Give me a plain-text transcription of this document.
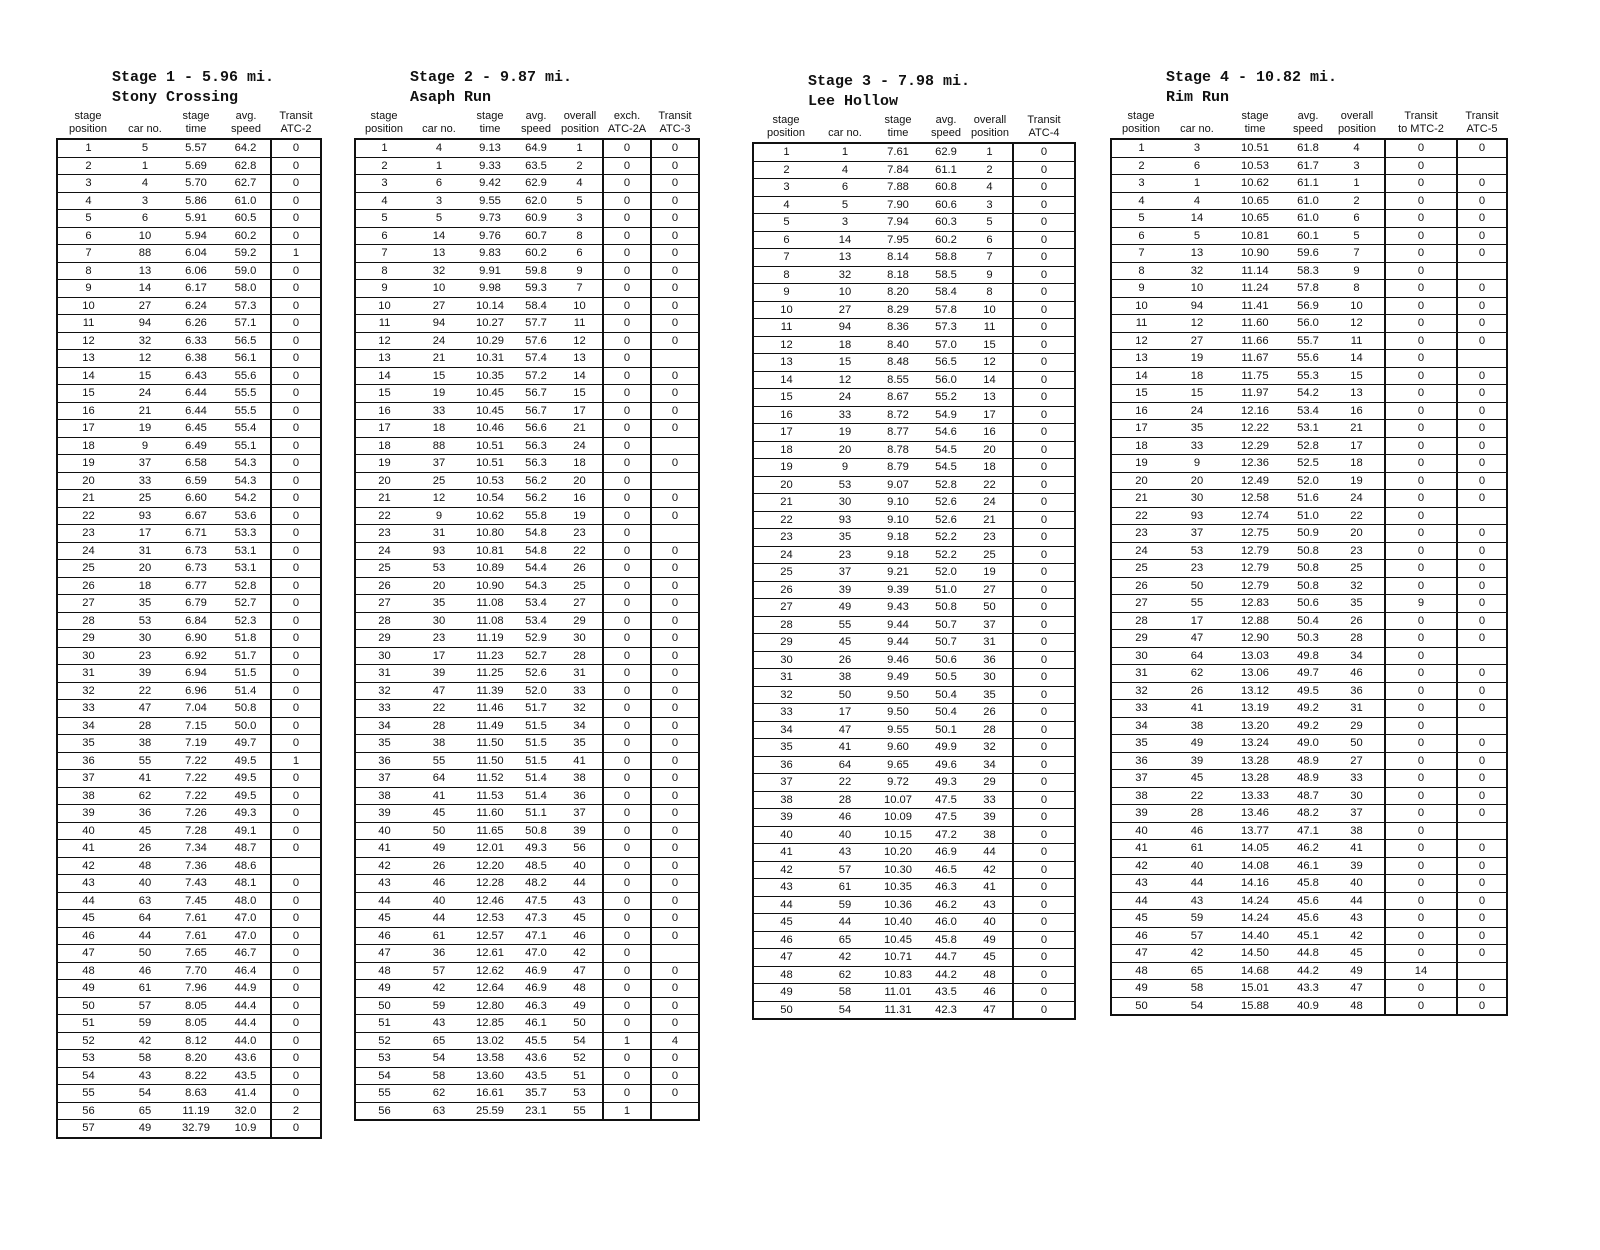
Stage 1 - 5.96 mi.
Stony Crossing
stage		stage	avg.	Transit
position	car no.	time	speed	ATC-2
1	5	5.57	64.2	0
2	1	5.69	62.8	0
3	4	5.70	62.7	0
4	3	5.86	61.0	0
5	6	5.91	60.5	0
6	10	5.94	60.2	0
7	88	6.04	59.2	1
8	13	6.06	59.0	0
9	14	6.17	58.0	0
10	27	6.24	57.3	0
11	94	6.26	57.1	0
12	32	6.33	56.5	0
13	12	6.38	56.1	0
14	15	6.43	55.6	0
15	24	6.44	55.5	0
16	21	6.44	55.5	0
17	19	6.45	55.4	0
18	9	6.49	55.1	0
19	37	6.58	54.3	0
20	33	6.59	54.3	0
21	25	6.60	54.2	0
22	93	6.67	53.6	0
23	17	6.71	53.3	0
24	31	6.73	53.1	0
25	20	6.73	53.1	0
26	18	6.77	52.8	0
27	35	6.79	52.7	0
28	53	6.84	52.3	0
29	30	6.90	51.8	0
30	23	6.92	51.7	0
31	39	6.94	51.5	0
32	22	6.96	51.4	0
33	47	7.04	50.8	0
34	28	7.15	50.0	0
35	38	7.19	49.7	0
36	55	7.22	49.5	1
37	41	7.22	49.5	0
38	62	7.22	49.5	0
39	36	7.26	49.3	0
40	45	7.28	49.1	0
41	26	7.34	48.7	0
42	48	7.36	48.6	
43	40	7.43	48.1	0
44	63	7.45	48.0	0
45	64	7.61	47.0	0
46	44	7.61	47.0	0
47	50	7.65	46.7	0
48	46	7.70	46.4	0
49	61	7.96	44.9	0
50	57	8.05	44.4	0
51	59	8.05	44.4	0
52	42	8.12	44.0	0
53	58	8.20	43.6	0
54	43	8.22	43.5	0
55	54	8.63	41.4	0
56	65	11.19	32.0	2
57	49	32.79	10.9	0
Stage 2 - 9.87 mi.
Asaph Run
stage		stage	avg.	overall	exch.	Transit
position	car no.	time	speed	position	ATC-2A	ATC-3
1	4	9.13	64.9	1	0	0
2	1	9.33	63.5	2	0	0
3	6	9.42	62.9	4	0	0
4	3	9.55	62.0	5	0	0
5	5	9.73	60.9	3	0	0
6	14	9.76	60.7	8	0	0
7	13	9.83	60.2	6	0	0
8	32	9.91	59.8	9	0	0
9	10	9.98	59.3	7	0	0
10	27	10.14	58.4	10	0	0
11	94	10.27	57.7	11	0	0
12	24	10.29	57.6	12	0	0
13	21	10.31	57.4	13	0	
14	15	10.35	57.2	14	0	0
15	19	10.45	56.7	15	0	0
16	33	10.45	56.7	17	0	0
17	18	10.46	56.6	21	0	0
18	88	10.51	56.3	24	0	
19	37	10.51	56.3	18	0	0
20	25	10.53	56.2	20	0	
21	12	10.54	56.2	16	0	0
22	9	10.62	55.8	19	0	0
23	31	10.80	54.8	23	0	
24	93	10.81	54.8	22	0	0
25	53	10.89	54.4	26	0	0
26	20	10.90	54.3	25	0	0
27	35	11.08	53.4	27	0	0
28	30	11.08	53.4	29	0	0
29	23	11.19	52.9	30	0	0
30	17	11.23	52.7	28	0	0
31	39	11.25	52.6	31	0	0
32	47	11.39	52.0	33	0	0
33	22	11.46	51.7	32	0	0
34	28	11.49	51.5	34	0	0
35	38	11.50	51.5	35	0	0
36	55	11.50	51.5	41	0	0
37	64	11.52	51.4	38	0	0
38	41	11.53	51.4	36	0	0
39	45	11.60	51.1	37	0	0
40	50	11.65	50.8	39	0	0
41	49	12.01	49.3	56	0	0
42	26	12.20	48.5	40	0	0
43	46	12.28	48.2	44	0	0
44	40	12.46	47.5	43	0	0
45	44	12.53	47.3	45	0	0
46	61	12.57	47.1	46	0	0
47	36	12.61	47.0	42	0	
48	57	12.62	46.9	47	0	0
49	42	12.64	46.9	48	0	0
50	59	12.80	46.3	49	0	0
51	43	12.85	46.1	50	0	0
52	65	13.02	45.5	54	1	4
53	54	13.58	43.6	52	0	0
54	58	13.60	43.5	51	0	0
55	62	16.61	35.7	53	0	0
56	63	25.59	23.1	55	1	
Stage 3 - 7.98 mi.
Lee Hollow
stage		stage	avg.	overall	Transit
position	car no.	time	speed	position	ATC-4
1	1	7.61	62.9	1	0
2	4	7.84	61.1	2	0
3	6	7.88	60.8	4	0
4	5	7.90	60.6	3	0
5	3	7.94	60.3	5	0
6	14	7.95	60.2	6	0
7	13	8.14	58.8	7	0
8	32	8.18	58.5	9	0
9	10	8.20	58.4	8	0
10	27	8.29	57.8	10	0
11	94	8.36	57.3	11	0
12	18	8.40	57.0	15	0
13	15	8.48	56.5	12	0
14	12	8.55	56.0	14	0
15	24	8.67	55.2	13	0
16	33	8.72	54.9	17	0
17	19	8.77	54.6	16	0
18	20	8.78	54.5	20	0
19	9	8.79	54.5	18	0
20	53	9.07	52.8	22	0
21	30	9.10	52.6	24	0
22	93	9.10	52.6	21	0
23	35	9.18	52.2	23	0
24	23	9.18	52.2	25	0
25	37	9.21	52.0	19	0
26	39	9.39	51.0	27	0
27	49	9.43	50.8	50	0
28	55	9.44	50.7	37	0
29	45	9.44	50.7	31	0
30	26	9.46	50.6	36	0
31	38	9.49	50.5	30	0
32	50	9.50	50.4	35	0
33	17	9.50	50.4	26	0
34	47	9.55	50.1	28	0
35	41	9.60	49.9	32	0
36	64	9.65	49.6	34	0
37	22	9.72	49.3	29	0
38	28	10.07	47.5	33	0
39	46	10.09	47.5	39	0
40	40	10.15	47.2	38	0
41	43	10.20	46.9	44	0
42	57	10.30	46.5	42	0
43	61	10.35	46.3	41	0
44	59	10.36	46.2	43	0
45	44	10.40	46.0	40	0
46	65	10.45	45.8	49	0
47	42	10.71	44.7	45	0
48	62	10.83	44.2	48	0
49	58	11.01	43.5	46	0
50	54	11.31	42.3	47	0
Stage 4 - 10.82 mi.
Rim Run
stage		stage	avg.	overall	Transit	Transit
position	car no.	time	speed	position	to MTC-2	ATC-5
1	3	10.51	61.8	4	0	0
2	6	10.53	61.7	3	0	
3	1	10.62	61.1	1	0	0
4	4	10.65	61.0	2	0	0
5	14	10.65	61.0	6	0	0
6	5	10.81	60.1	5	0	0
7	13	10.90	59.6	7	0	0
8	32	11.14	58.3	9	0	
9	10	11.24	57.8	8	0	0
10	94	11.41	56.9	10	0	0
11	12	11.60	56.0	12	0	0
12	27	11.66	55.7	11	0	0
13	19	11.67	55.6	14	0	
14	18	11.75	55.3	15	0	0
15	15	11.97	54.2	13	0	0
16	24	12.16	53.4	16	0	0
17	35	12.22	53.1	21	0	0
18	33	12.29	52.8	17	0	0
19	9	12.36	52.5	18	0	0
20	20	12.49	52.0	19	0	0
21	30	12.58	51.6	24	0	0
22	93	12.74	51.0	22	0	
23	37	12.75	50.9	20	0	0
24	53	12.79	50.8	23	0	0
25	23	12.79	50.8	25	0	0
26	50	12.79	50.8	32	0	0
27	55	12.83	50.6	35	9	0
28	17	12.88	50.4	26	0	0
29	47	12.90	50.3	28	0	0
30	64	13.03	49.8	34	0	
31	62	13.06	49.7	46	0	0
32	26	13.12	49.5	36	0	0
33	41	13.19	49.2	31	0	0
34	38	13.20	49.2	29	0	
35	49	13.24	49.0	50	0	0
36	39	13.28	48.9	27	0	0
37	45	13.28	48.9	33	0	0
38	22	13.33	48.7	30	0	0
39	28	13.46	48.2	37	0	0
40	46	13.77	47.1	38	0	
41	61	14.05	46.2	41	0	0
42	40	14.08	46.1	39	0	0
43	44	14.16	45.8	40	0	0
44	43	14.24	45.6	44	0	0
45	59	14.24	45.6	43	0	0
46	57	14.40	45.1	42	0	0
47	42	14.50	44.8	45	0	0
48	65	14.68	44.2	49	14	
49	58	15.01	43.3	47	0	0
50	54	15.88	40.9	48	0	0
